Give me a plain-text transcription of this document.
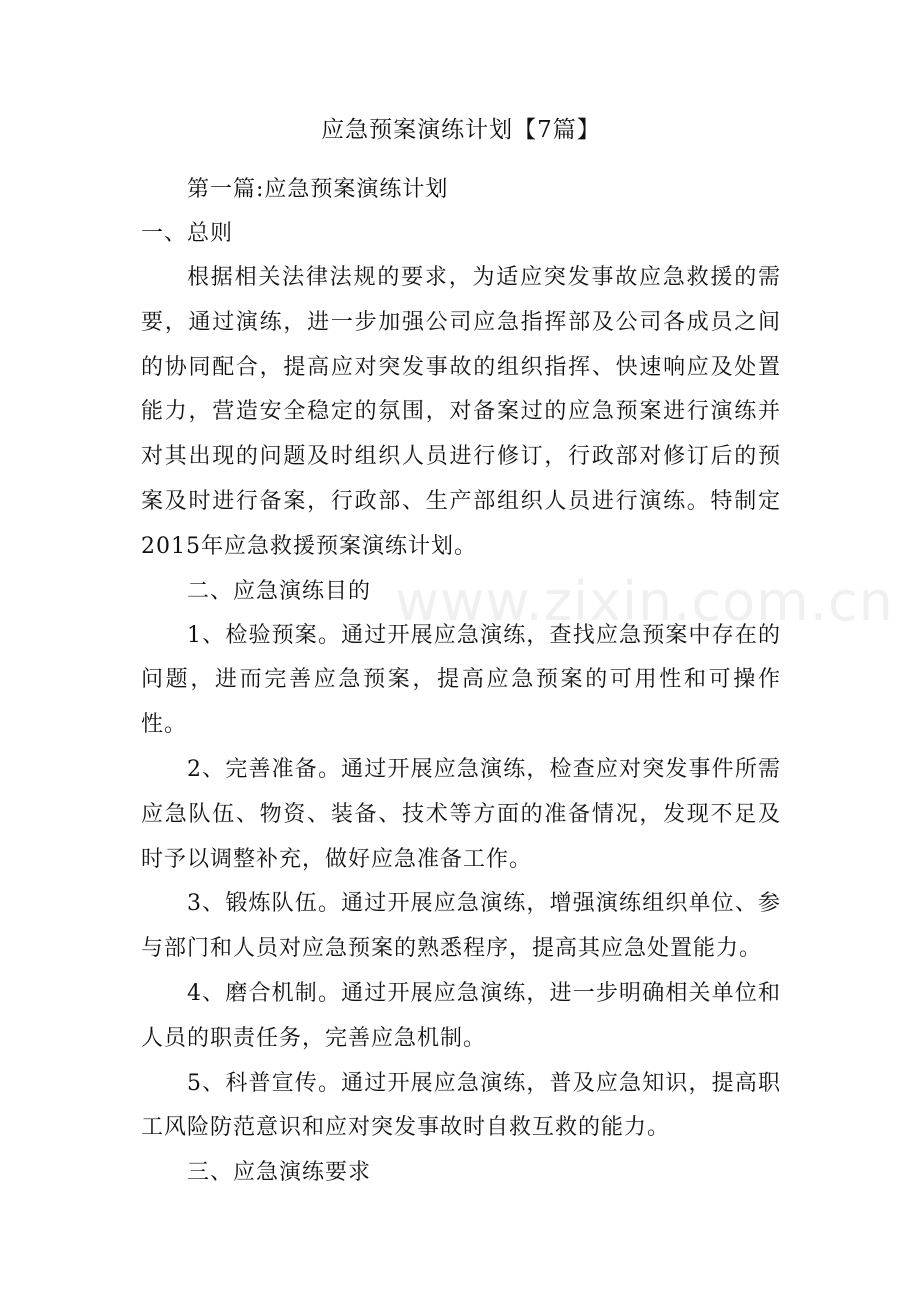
www.zixin.com.cn
应急预案演练计划【7篇】

第一篇:应急预案演练计划

一、总则

根据相关法律法规的要求，为适应突发事故应急救援的需要，通过演练，进一步加强公司应急指挥部及公司各成员之间的协同配合，提高应对突发事故的组织指挥、快速响应及处置能力，营造安全稳定的氛围，对备案过的应急预案进行演练并对其出现的问题及时组织人员进行修订，行政部对修订后的预案及时进行备案，行政部、生产部组织人员进行演练。特制定2015年应急救援预案演练计划。

二、应急演练目的

1、检验预案。通过开展应急演练，查找应急预案中存在的问题，进而完善应急预案，提高应急预案的可用性和可操作性。

2、完善准备。通过开展应急演练，检查应对突发事件所需应急队伍、物资、装备、技术等方面的准备情况，发现不足及时予以调整补充，做好应急准备工作。

3、锻炼队伍。通过开展应急演练，增强演练组织单位、参与部门和人员对应急预案的熟悉程序，提高其应急处置能力。

4、磨合机制。通过开展应急演练，进一步明确相关单位和人员的职责任务，完善应急机制。

5、科普宣传。通过开展应急演练，普及应急知识，提高职工风险防范意识和应对突发事故时自救互救的能力。

三、应急演练要求
